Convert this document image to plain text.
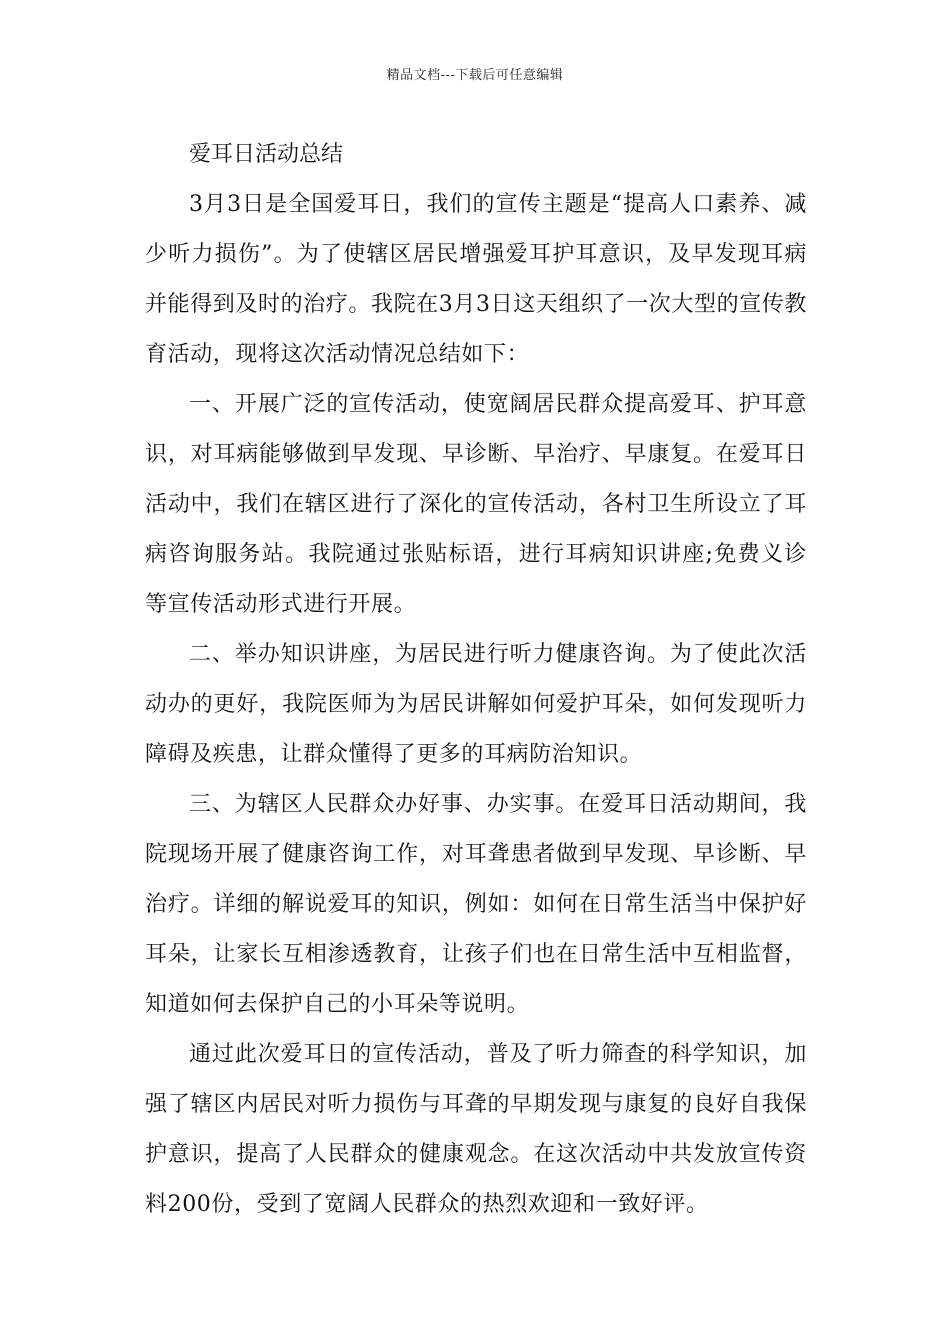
精品文档---下载后可任意编辑
爱耳日活动总结

3月3日是全国爱耳日，我们的宣传主题是“提高人口素养、减少听力损伤”。为了使辖区居民增强爱耳护耳意识，及早发现耳病并能得到及时的治疗。我院在3月3日这天组织了一次大型的宣传教育活动，现将这次活动情况总结如下：

一、开展广泛的宣传活动，使宽阔居民群众提高爱耳、护耳意识，对耳病能够做到早发现、早诊断、早治疗、早康复。在爱耳日活动中，我们在辖区进行了深化的宣传活动，各村卫生所设立了耳病咨询服务站。我院通过张贴标语，进行耳病知识讲座;免费义诊等宣传活动形式进行开展。

二、举办知识讲座，为居民进行听力健康咨询。为了使此次活动办的更好，我院医师为为居民讲解如何爱护耳朵，如何发现听力障碍及疾患，让群众懂得了更多的耳病防治知识。

三、为辖区人民群众办好事、办实事。在爱耳日活动期间，我院现场开展了健康咨询工作，对耳聋患者做到早发现、早诊断、早治疗。详细的解说爱耳的知识，例如：如何在日常生活当中保护好耳朵，让家长互相渗透教育，让孩子们也在日常生活中互相监督，知道如何去保护自己的小耳朵等说明。

通过此次爱耳日的宣传活动，普及了听力筛查的科学知识，加强了辖区内居民对听力损伤与耳聋的早期发现与康复的良好自我保护意识，提高了人民群众的健康观念。在这次活动中共发放宣传资料200份，受到了宽阔人民群众的热烈欢迎和一致好评。
